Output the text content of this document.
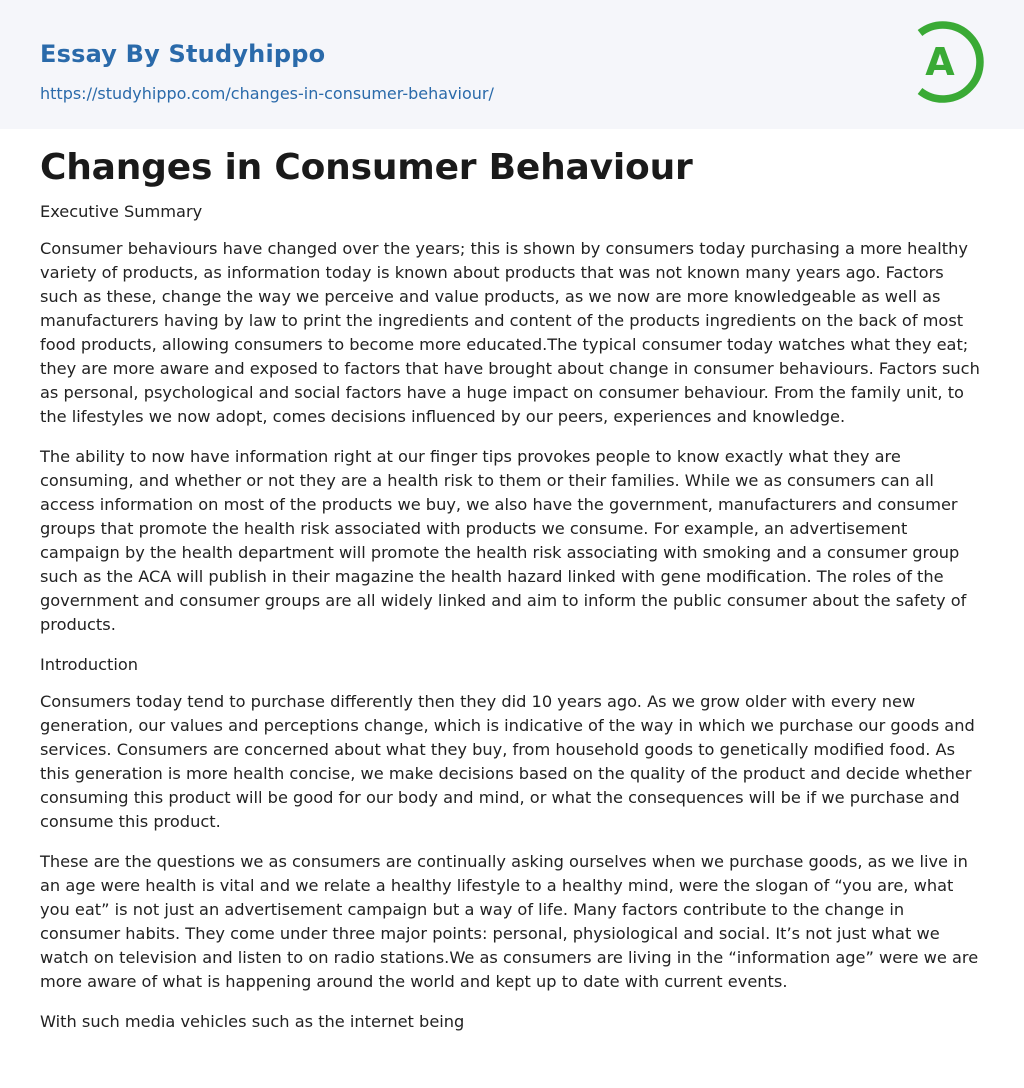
Essay By Studyhippo
https://studyhippo.com/changes-in-consumer-behaviour/
A
Changes in Consumer Behaviour

Executive Summary

Consumer behaviours have changed over the years; this is shown by consumers today purchasing a more healthy variety of products, as information today is known about products that was not known many years ago. Factors such as these, change the way we perceive and value products, as we now are more knowledgeable as well as manufacturers having by law to print the ingredients and content of the products ingredients on the back of most food products, allowing consumers to become more educated.The typical consumer today watches what they eat; they are more aware and exposed to factors that have brought about change in consumer behaviours. Factors such as personal, psychological and social factors have a huge impact on consumer behaviour. From the family unit, to the lifestyles we now adopt, comes decisions influenced by our peers, experiences and knowledge.

The ability to now have information right at our finger tips provokes people to know exactly what they are consuming, and whether or not they are a health risk to them or their families. While we as consumers can all access information on most of the products we buy, we also have the government, manufacturers and consumer groups that promote the health risk associated with products we consume. For example, an advertisement campaign by the health department will promote the health risk associating with smoking and a consumer group such as the ACA will publish in their magazine the health hazard linked with gene modification. The roles of the government and consumer groups are all widely linked and aim to inform the public consumer about the safety of products.

Introduction

Consumers today tend to purchase differently then they did 10 years ago. As we grow older with every new generation, our values and perceptions change, which is indicative of the way in which we purchase our goods and services. Consumers are concerned about what they buy, from household goods to genetically modified food. As this generation is more health concise, we make decisions based on the quality of the product and decide whether consuming this product will be good for our body and mind, or what the consequences will be if we purchase and consume this product.

These are the questions we as consumers are continually asking ourselves when we purchase goods, as we live in an age were health is vital and we relate a healthy lifestyle to a healthy mind, were the slogan of “you are, what you eat” is not just an advertisement campaign but a way of life. Many factors contribute to the change in consumer habits. They come under three major points: personal, physiological and social. It’s not just what we watch on television and listen to on radio stations.We as consumers are living in the “information age” were we are more aware of what is happening around the world and kept up to date with current events.

With such media vehicles such as the internet being
